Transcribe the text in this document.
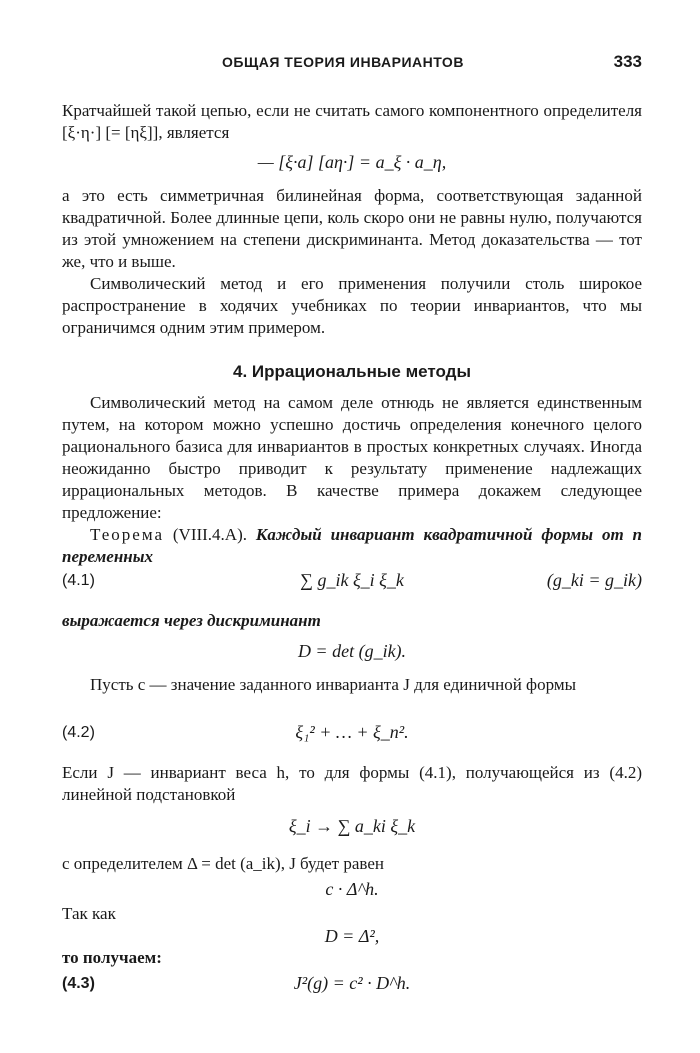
ОБЩАЯ ТЕОРИЯ ИНВАРИАНТОВ	333
Кратчайшей такой цепью, если не считать самого компонентного определителя [ξ·η·] [= [ηξ]], является
— [ξ·a] [aη·] = a_ξ · a_η,
а это есть симметричная билинейная форма, соответствующая заданной квадратичной. Более длинные цепи, коль скоро они не равны нулю, получаются из этой умножением на степени дискриминанта. Метод доказательства — тот же, что и выше.
Символический метод и его применения получили столь широкое распространение в ходячих учебниках по теории инвариантов, что мы ограничимся одним этим примером.
4. Иррациональные методы
Символический метод на самом деле отнюдь не является единственным путем, на котором можно успешно достичь определения конечного целого рационального базиса для инвариантов в простых конкретных случаях. Иногда неожиданно быстро приводит к результату применение надлежащих иррациональных методов. В качестве примера докажем следующее предложение:
Теорема (VIII.4.A). Каждый инвариант квадратичной формы от n переменных
(4.1)	∑ g_ik ξ_i ξ_k	(g_ki = g_ik)
выражается через дискриминант
D = det (g_ik).
Пусть c — значение заданного инварианта J для единичной формы
(4.2)	ξ₁² + … + ξ_n².
Если J — инвариант веса h, то для формы (4.1), получающейся из (4.2) линейной подстановкой
ξ_i → ∑ a_ki ξ_k
с определителем Δ = det (a_ik), J будет равен
c · Δ^h.
Так как
D = Δ²,
то получаем:
(4.3)	J²(g) = c² · D^h.
